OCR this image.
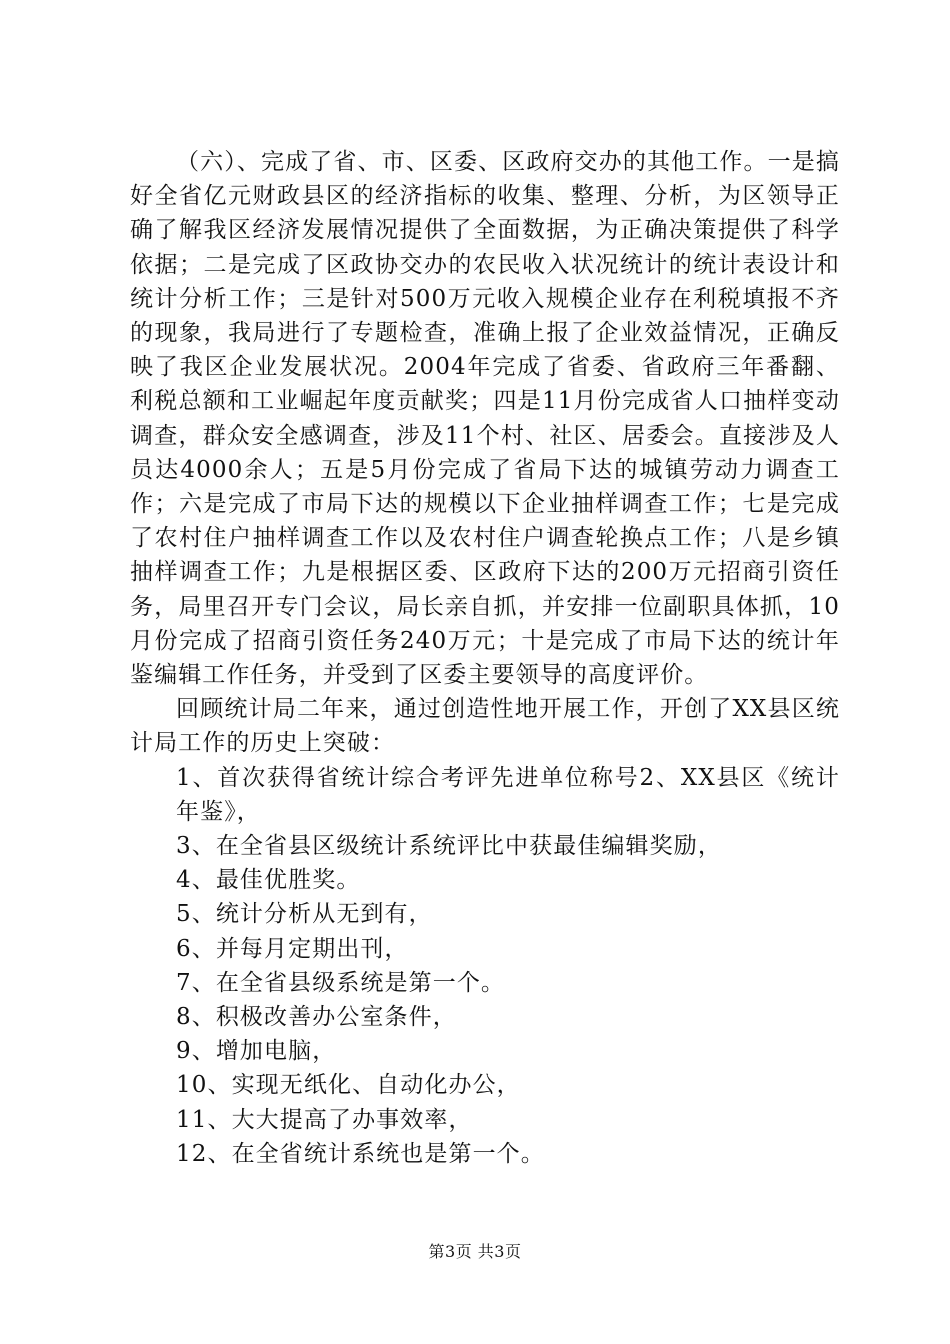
（六）、完成了省、市、区委、区政府交办的其他工作。一是搞好全省亿元财政县区的经济指标的收集、整理、分析，为区领导正确了解我区经济发展情况提供了全面数据，为正确决策提供了科学依据；二是完成了区政协交办的农民收入状况统计的统计表设计和统计分析工作；三是针对500万元收入规模企业存在利税填报不齐的现象，我局进行了专题检查，准确上报了企业效益情况，正确反映了我区企业发展状况。2004年完成了省委、省政府三年番翻、利税总额和工业崛起年度贡献奖；四是11月份完成省人口抽样变动调查，群众安全感调查，涉及11个村、社区、居委会。直接涉及人员达4000余人；五是5月份完成了省局下达的城镇劳动力调查工作；六是完成了市局下达的规模以下企业抽样调查工作；七是完成了农村住户抽样调查工作以及农村住户调查轮换点工作；八是乡镇抽样调查工作；九是根据区委、区政府下达的200万元招商引资任务，局里召开专门会议，局长亲自抓，并安排一位副职具体抓，10月份完成了招商引资任务240万元；十是完成了市局下达的统计年鉴编辑工作任务，并受到了区委主要领导的高度评价。

回顾统计局二年来，通过创造性地开展工作，开创了XX县区统计局工作的历史上突破：

1、首次获得省统计综合考评先进单位称号2、XX县区《统计年鉴》，

3、在全省县区级统计系统评比中获最佳编辑奖励，

4、最佳优胜奖。

5、统计分析从无到有，

6、并每月定期出刊，

7、在全省县级系统是第一个。

8、积极改善办公室条件，

9、增加电脑，

10、实现无纸化、自动化办公，

11、大大提高了办事效率，

12、在全省统计系统也是第一个。

第3页 共3页
